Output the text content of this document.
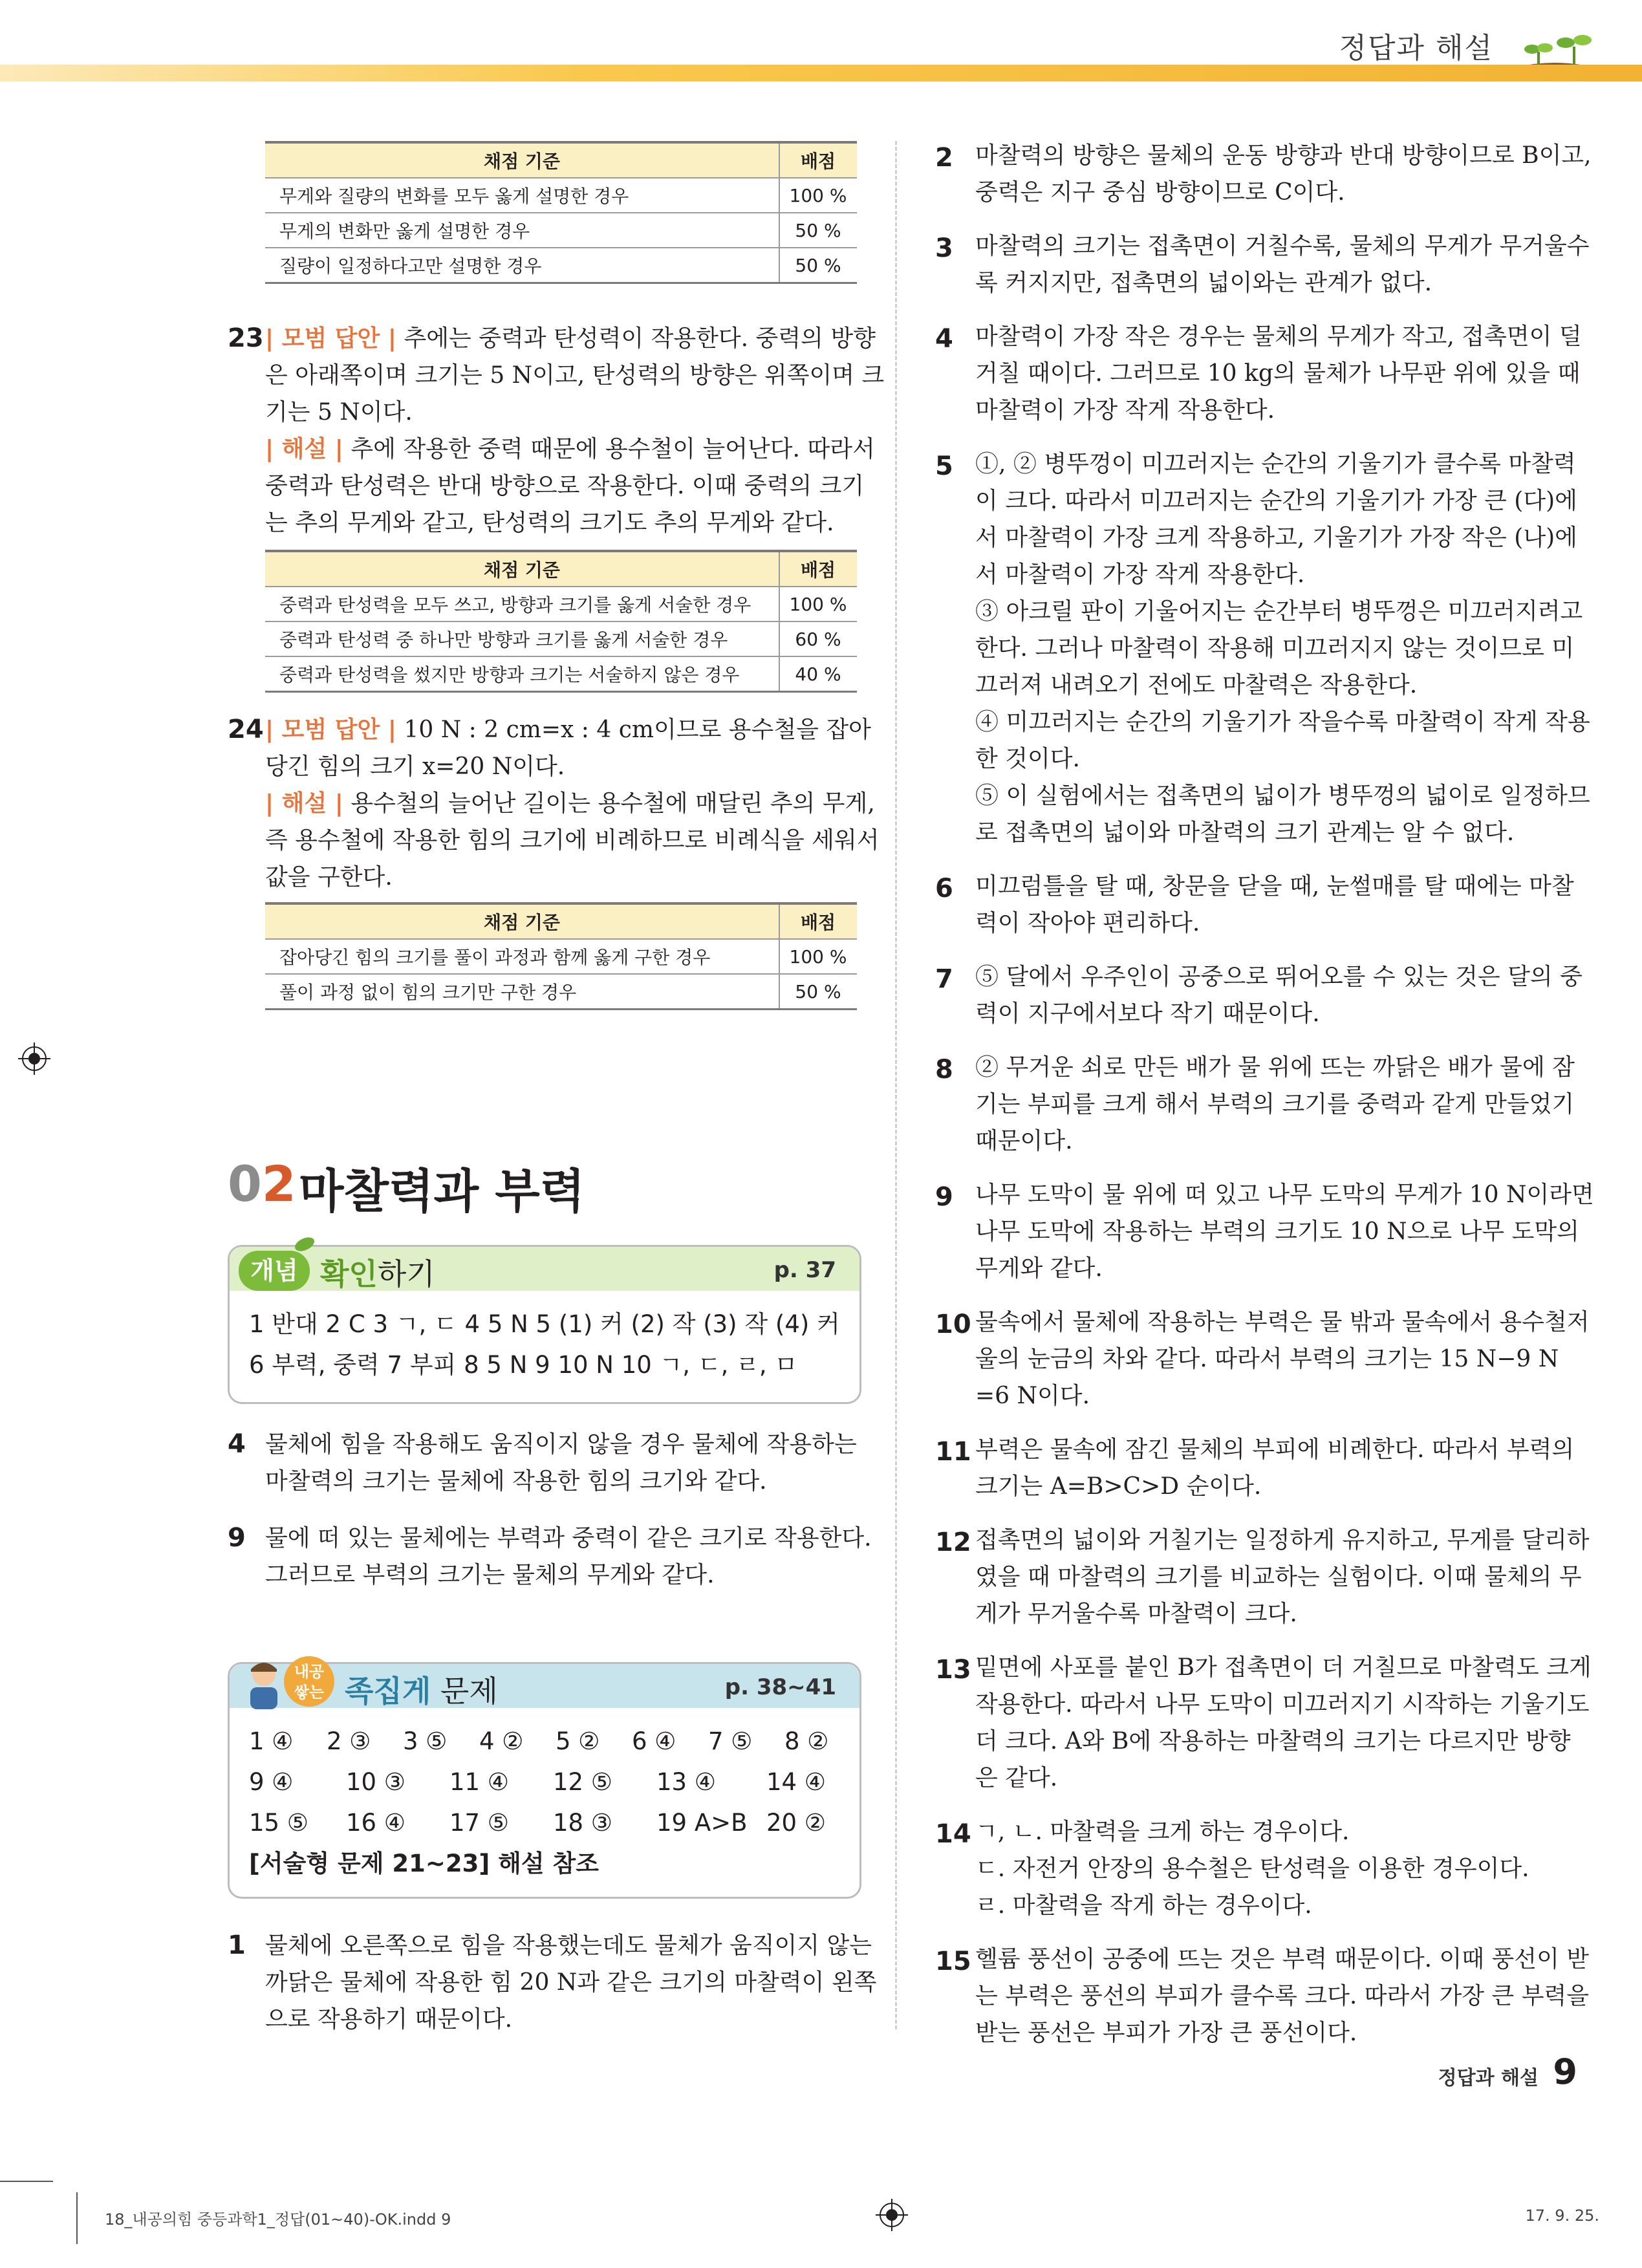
정답과 해설
채점 기준	배점
무게와 질량의 변화를 모두 옳게 설명한 경우	100 %
무게의 변화만 옳게 설명한 경우	50 %
질량이 일정하다고만 설명한 경우	50 %
23 | 모범 답안 | 추에는 중력과 탄성력이 작용한다. 중력의 방향
은 아래쪽이며 크기는 5 N이고, 탄성력의 방향은 위쪽이며 크
기는 5 N이다.
| 해설 | 추에 작용한 중력 때문에 용수철이 늘어난다. 따라서
중력과 탄성력은 반대 방향으로 작용한다. 이때 중력의 크기
는 추의 무게와 같고, 탄성력의 크기도 추의 무게와 같다.
채점 기준	배점
중력과 탄성력을 모두 쓰고, 방향과 크기를 옳게 서술한 경우	100 %
중력과 탄성력 중 하나만 방향과 크기를 옳게 서술한 경우	60 %
중력과 탄성력을 썼지만 방향과 크기는 서술하지 않은 경우	40 %
24 | 모범 답안 | 10 N : 2 cm=x : 4 cm이므로 용수철을 잡아
당긴 힘의 크기 x=20 N이다.
| 해설 | 용수철의 늘어난 길이는 용수철에 매달린 추의 무게,
즉 용수철에 작용한 힘의 크기에 비례하므로 비례식을 세워서
값을 구한다.
채점 기준	배점
잡아당긴 힘의 크기를 풀이 과정과 함께 옳게 구한 경우	100 %
풀이 과정 없이 힘의 크기만 구한 경우	50 %
02 마찰력과 부력
개념 확인하기	p. 37
1 반대 2 C 3 ㄱ, ㄷ 4 5 N 5 (1) 커 (2) 작 (3) 작 (4) 커
6 부력, 중력 7 부피 8 5 N 9 10 N 10 ㄱ, ㄷ, ㄹ, ㅁ
4 물체에 힘을 작용해도 움직이지 않을 경우 물체에 작용하는
마찰력의 크기는 물체에 작용한 힘의 크기와 같다.
9 물에 떠 있는 물체에는 부력과 중력이 같은 크기로 작용한다.
그러므로 부력의 크기는 물체의 무게와 같다.
내공
쌓는 족집게 문제	p. 38~41
1 ④ 2 ③ 3 ⑤ 4 ② 5 ② 6 ④ 7 ⑤ 8 ②
9 ④ 10 ③ 11 ④ 12 ⑤ 13 ④ 14 ④
15 ⑤ 16 ④ 17 ⑤ 18 ③ 19 A>B 20 ②
[서술형 문제 21~23] 해설 참조
1 물체에 오른쪽으로 힘을 작용했는데도 물체가 움직이지 않는
까닭은 물체에 작용한 힘 20 N과 같은 크기의 마찰력이 왼쪽
으로 작용하기 때문이다.
2 마찰력의 방향은 물체의 운동 방향과 반대 방향이므로 B이고,
중력은 지구 중심 방향이므로 C이다.
3 마찰력의 크기는 접촉면이 거칠수록, 물체의 무게가 무거울수
록 커지지만, 접촉면의 넓이와는 관계가 없다.
4 마찰력이 가장 작은 경우는 물체의 무게가 작고, 접촉면이 덜
거칠 때이다. 그러므로 10 kg의 물체가 나무판 위에 있을 때
마찰력이 가장 작게 작용한다.
5 ①, ② 병뚜껑이 미끄러지는 순간의 기울기가 클수록 마찰력
이 크다. 따라서 미끄러지는 순간의 기울기가 가장 큰 (다)에
서 마찰력이 가장 크게 작용하고, 기울기가 가장 작은 (나)에
서 마찰력이 가장 작게 작용한다.
③ 아크릴 판이 기울어지는 순간부터 병뚜껑은 미끄러지려고
한다. 그러나 마찰력이 작용해 미끄러지지 않는 것이므로 미
끄러져 내려오기 전에도 마찰력은 작용한다.
④ 미끄러지는 순간의 기울기가 작을수록 마찰력이 작게 작용
한 것이다.
⑤ 이 실험에서는 접촉면의 넓이가 병뚜껑의 넓이로 일정하므
로 접촉면의 넓이와 마찰력의 크기 관계는 알 수 없다.
6 미끄럼틀을 탈 때, 창문을 닫을 때, 눈썰매를 탈 때에는 마찰
력이 작아야 편리하다.
7 ⑤ 달에서 우주인이 공중으로 뛰어오를 수 있는 것은 달의 중
력이 지구에서보다 작기 때문이다.
8 ② 무거운 쇠로 만든 배가 물 위에 뜨는 까닭은 배가 물에 잠
기는 부피를 크게 해서 부력의 크기를 중력과 같게 만들었기
때문이다.
9 나무 도막이 물 위에 떠 있고 나무 도막의 무게가 10 N이라면
나무 도막에 작용하는 부력의 크기도 10 N으로 나무 도막의
무게와 같다.
10 물속에서 물체에 작용하는 부력은 물 밖과 물속에서 용수철저
울의 눈금의 차와 같다. 따라서 부력의 크기는 15 N−9 N
=6 N이다.
11 부력은 물속에 잠긴 물체의 부피에 비례한다. 따라서 부력의
크기는 A=B>C>D 순이다.
12 접촉면의 넓이와 거칠기는 일정하게 유지하고, 무게를 달리하
였을 때 마찰력의 크기를 비교하는 실험이다. 이때 물체의 무
게가 무거울수록 마찰력이 크다.
13 밑면에 사포를 붙인 B가 접촉면이 더 거칠므로 마찰력도 크게
작용한다. 따라서 나무 도막이 미끄러지기 시작하는 기울기도
더 크다. A와 B에 작용하는 마찰력의 크기는 다르지만 방향
은 같다.
14 ㄱ, ㄴ. 마찰력을 크게 하는 경우이다.
ㄷ. 자전거 안장의 용수철은 탄성력을 이용한 경우이다.
ㄹ. 마찰력을 작게 하는 경우이다.
15 헬륨 풍선이 공중에 뜨는 것은 부력 때문이다. 이때 풍선이 받
는 부력은 풍선의 부피가 클수록 크다. 따라서 가장 큰 부력을
받는 풍선은 부피가 가장 큰 풍선이다.
정답과 해설 9
18_내공의힘 중등과학1_정답(01~40)-OK.indd 9	17. 9. 25.
